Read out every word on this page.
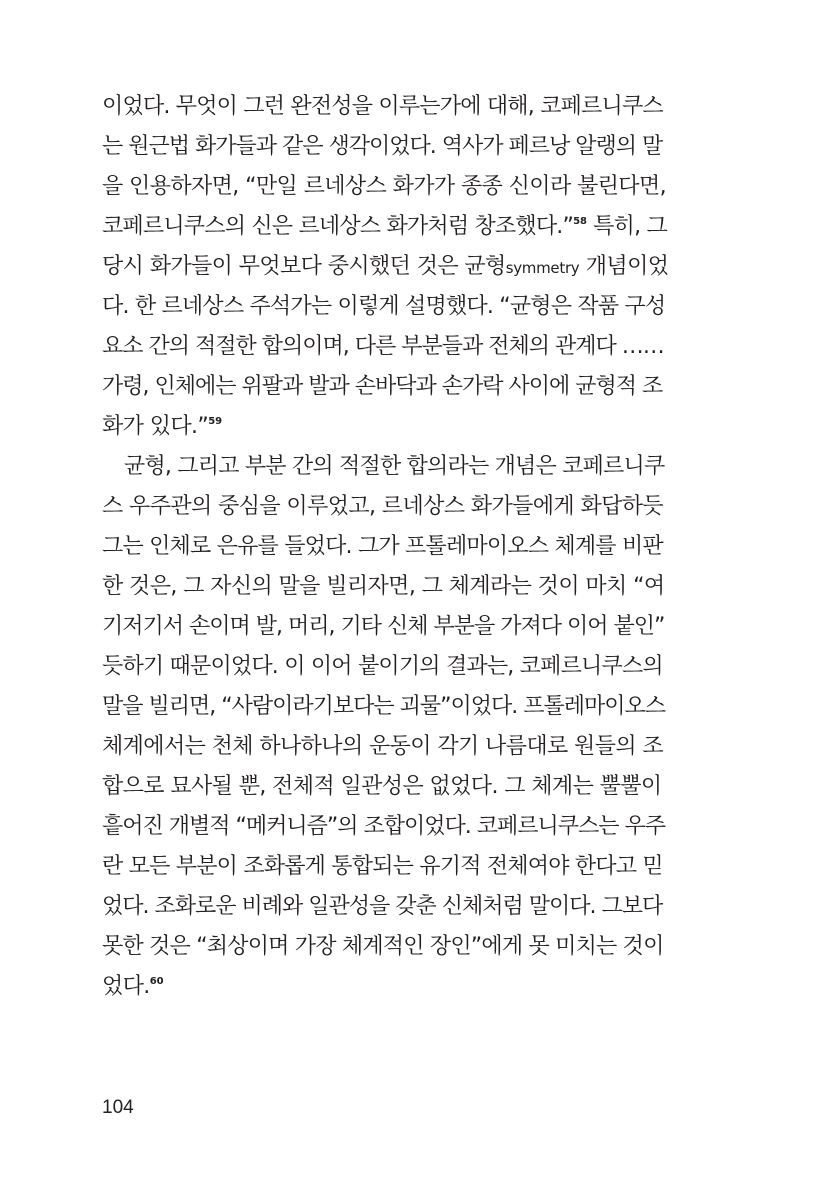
이었다. 무엇이 그런 완전성을 이루는가에 대해, 코페르니쿠스
는 원근법 화가들과 같은 생각이었다. 역사가 페르낭 알랭의 말
을 인용하자면, “만일 르네상스 화가가 종종 신이라 불린다면,
코페르니쿠스의 신은 르네상스 화가처럼 창조했다.”$^{58}$ 특히, 그
당시 화가들이 무엇보다 중시했던 것은 균형symmetry 개념이었
다. 한 르네상스 주석가는 이렇게 설명했다. “균형은 작품 구성
요소 간의 적절한 합의이며, 다른 부분들과 전체의 관계다 ……
가령, 인체에는 위팔과 발과 손바닥과 손가락 사이에 균형적 조
화가 있다.”$^{59}$
균형, 그리고 부분 간의 적절한 합의라는 개념은 코페르니쿠
스 우주관의 중심을 이루었고, 르네상스 화가들에게 화답하듯
그는 인체로 은유를 들었다. 그가 프톨레마이오스 체계를 비판
한 것은, 그 자신의 말을 빌리자면, 그 체계라는 것이 마치 “여
기저기서 손이며 발, 머리, 기타 신체 부분을 가져다 이어 붙인”
듯하기 때문이었다. 이 이어 붙이기의 결과는, 코페르니쿠스의
말을 빌리면, “사람이라기보다는 괴물”이었다. 프톨레마이오스
체계에서는 천체 하나하나의 운동이 각기 나름대로 원들의 조
합으로 묘사될 뿐, 전체적 일관성은 없었다. 그 체계는 뿔뿔이
흩어진 개별적 “메커니즘”의 조합이었다. 코페르니쿠스는 우주
란 모든 부분이 조화롭게 통합되는 유기적 전체여야 한다고 믿
었다. 조화로운 비례와 일관성을 갖춘 신체처럼 말이다. 그보다
못한 것은 “최상이며 가장 체계적인 장인”에게 못 미치는 것이
었다.$^{60}$
104
